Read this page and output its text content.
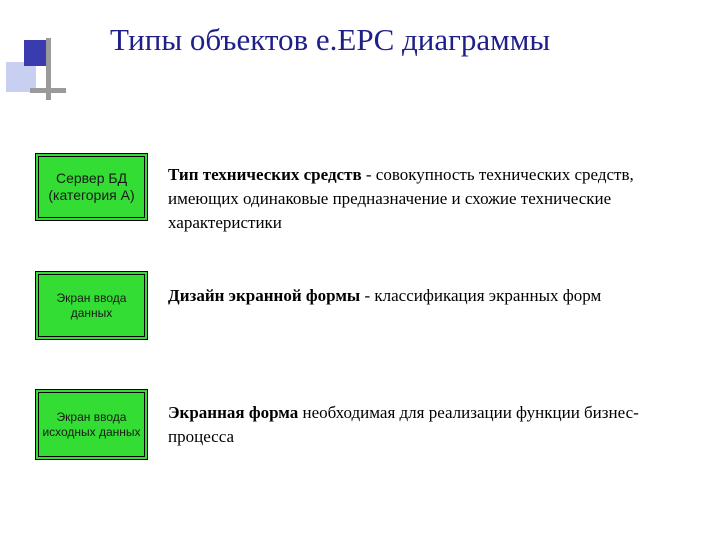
Типы объектов e.EPC диаграммы
Сервер БД (категория А)
Экран ввода данных
Экран ввода исходных данных
Тип технических средств - совокупность технических средств, имеющих одинаковые предназначение и схожие технические характеристики
Дизайн экранной формы - классификация экранных форм
Экранная форма необходимая для реализации функции бизнес-процесса
